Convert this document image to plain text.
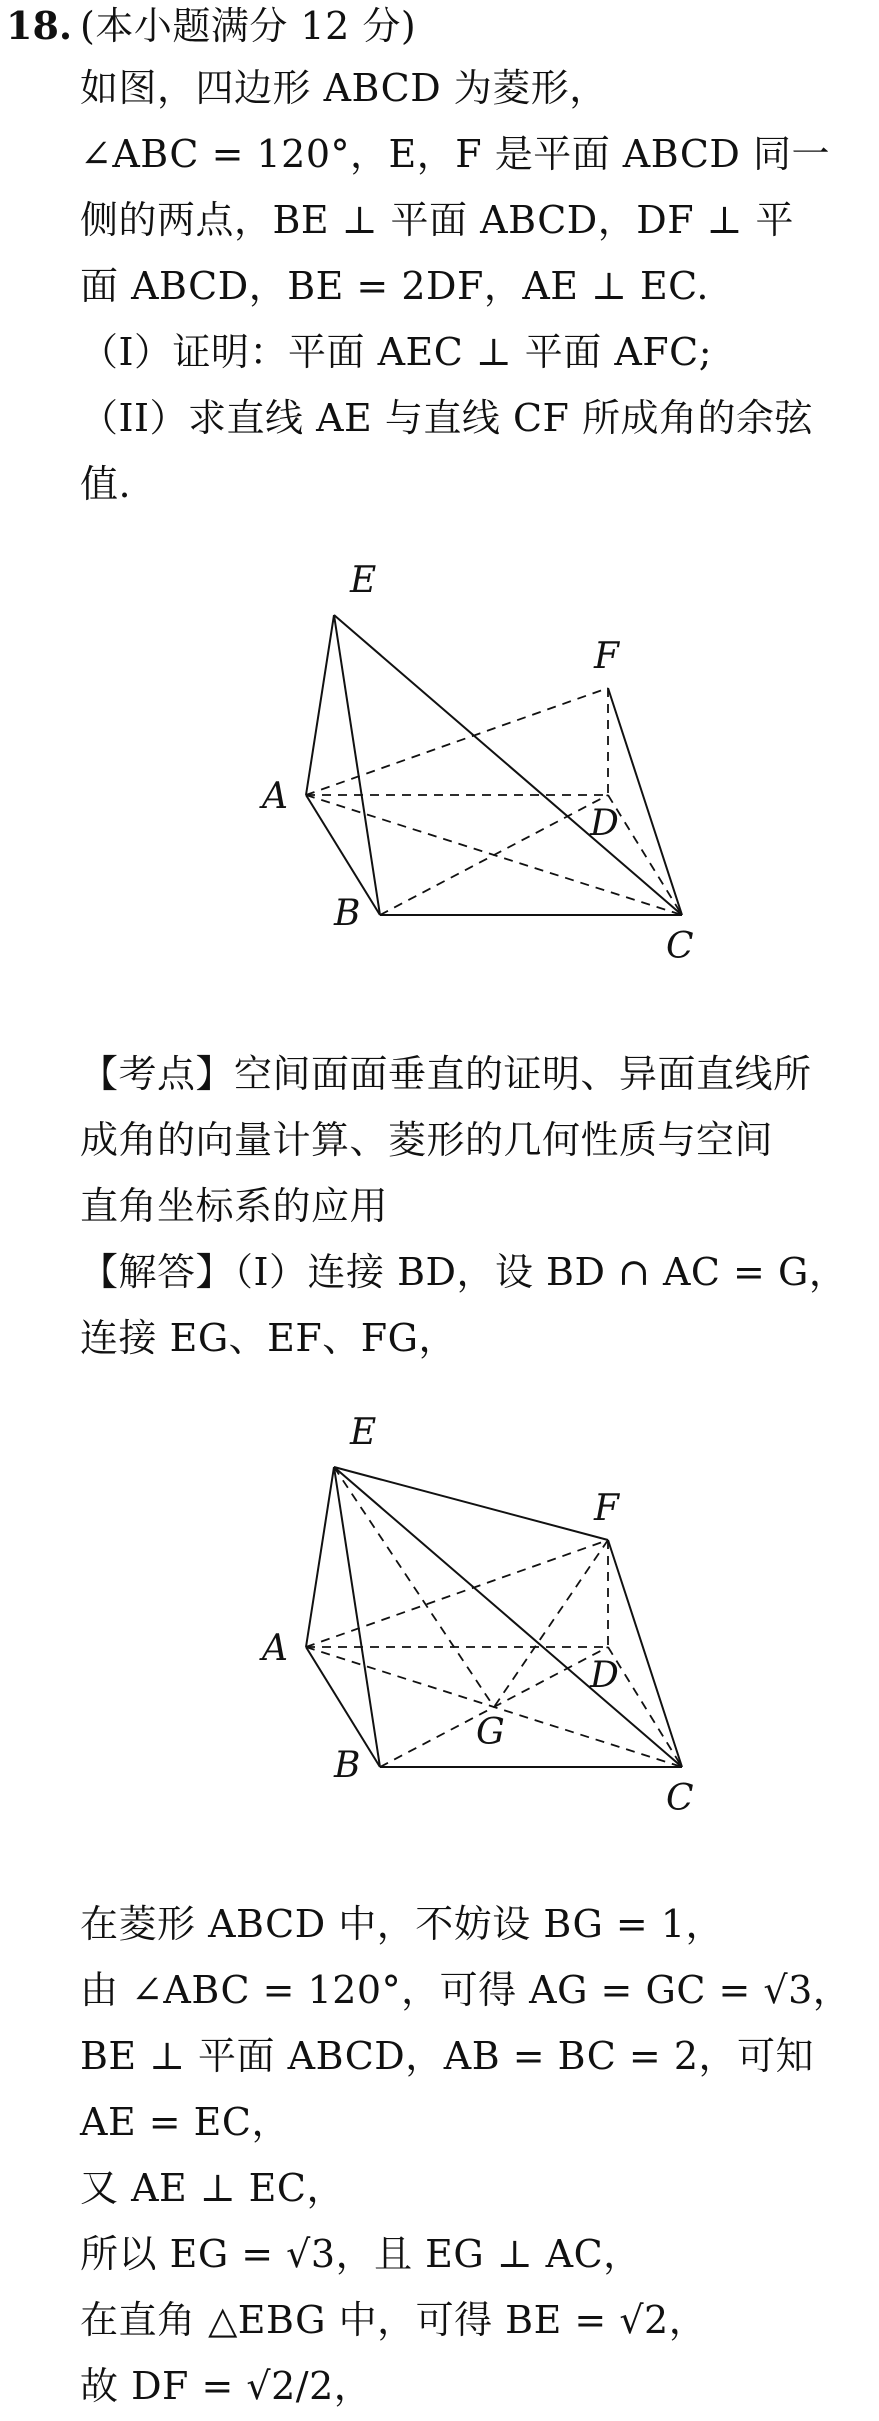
18. (本小题满分 12 分)
如图，四边形 ABCD 为菱形，
∠ABC = 120°，E，F 是平面 ABCD 同一
侧的两点，BE ⊥ 平面 ABCD，DF ⊥ 平
面 ABCD，BE = 2DF，AE ⊥ EC.
（I）证明：平面 AEC ⊥ 平面 AFC;
（II）求直线 AE 与直线 CF 所成角的余弦
值.
E
F
A
D
B
C
【考点】空间面面垂直的证明、异面直线所
成角的向量计算、菱形的几何性质与空间
直角坐标系的应用
【解答】（I）连接 BD，设 BD ∩ AC = G，
连接 EG、EF、FG，
E
F
A
D
G
B
C
在菱形 ABCD 中，不妨设 BG = 1，
由 ∠ABC = 120°，可得 AG = GC = √3，
BE ⊥ 平面 ABCD，AB = BC = 2，可知
AE = EC，
又 AE ⊥ EC，
所以 EG = √3，且 EG ⊥ AC，
在直角 △EBG 中，可得 BE = √2，
故 DF = √2/2，
